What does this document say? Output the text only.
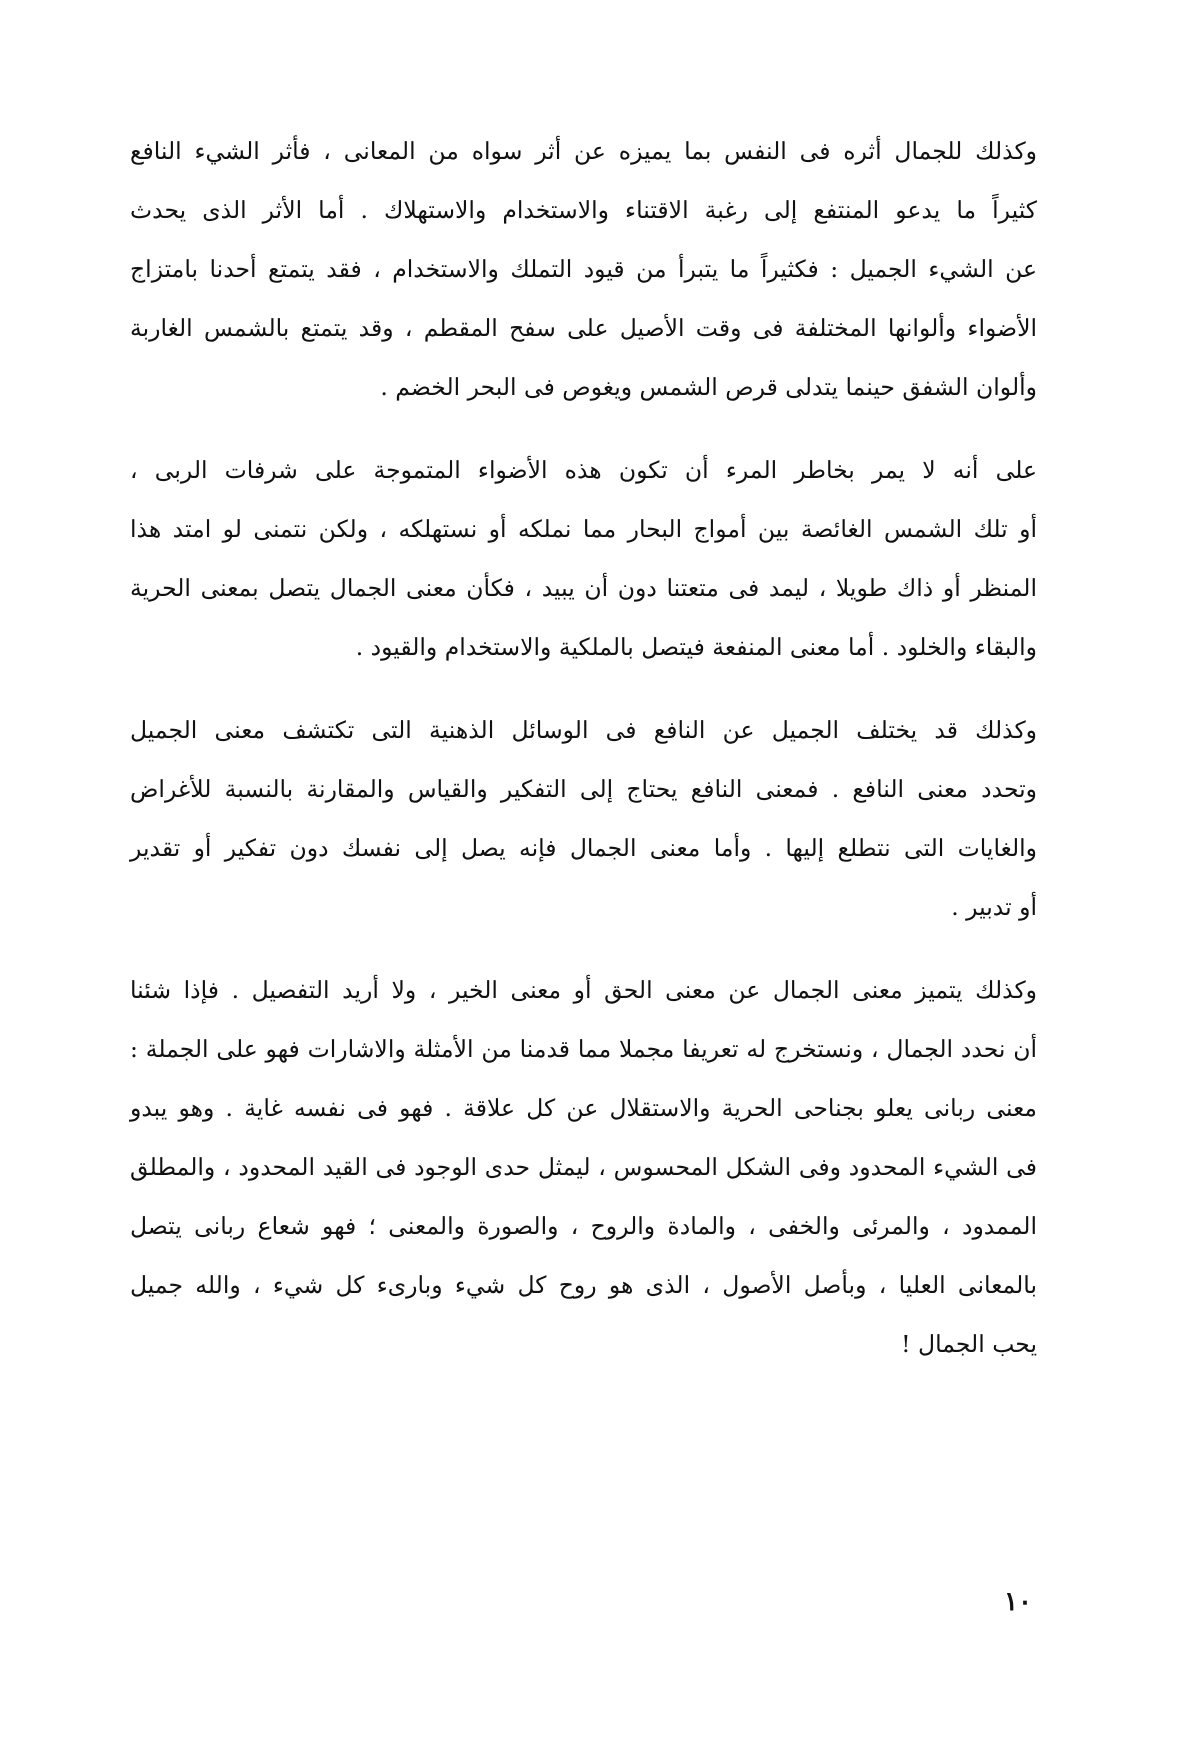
وكذلك للجمال أثره فى النفس بما يميزه عن أثر سواه من المعانى ، فأثر الشيء النافع
كثيراً ما يدعو المنتفع إلى رغبة الاقتناء والاستخدام والاستهلاك . أما الأثر الذى يحدث
عن الشيء الجميل : فكثيراً ما يتبرأ من قيود التملك والاستخدام ، فقد يتمتع أحدنا بامتزاج
الأضواء وألوانها المختلفة فى وقت الأصيل على سفح المقطم ، وقد يتمتع بالشمس الغاربة
وألوان الشفق حينما يتدلى قرص الشمس ويغوص فى البحر الخضم .

على أنه لا يمر بخاطر المرء أن تكون هذه الأضواء المتموجة على شرفات الربى ،
أو تلك الشمس الغائصة بين أمواج البحار مما نملكه أو نستهلكه ، ولكن نتمنى لو امتد هذا
المنظر أو ذاك طويلا ، ليمد فى متعتنا دون أن يبيد ، فكأن معنى الجمال يتصل بمعنى الحرية
والبقاء والخلود . أما معنى المنفعة فيتصل بالملكية والاستخدام والقيود .

وكذلك قد يختلف الجميل عن النافع فى الوسائل الذهنية التى تكتشف معنى الجميل
وتحدد معنى النافع . فمعنى النافع يحتاج إلى التفكير والقياس والمقارنة بالنسبة للأغراض
والغايات التى نتطلع إليها . وأما معنى الجمال فإنه يصل إلى نفسك دون تفكير أو تقدير
أو تدبير .

وكذلك يتميز معنى الجمال عن معنى الحق أو معنى الخير ، ولا أريد التفصيل . فإذا شئنا
أن نحدد الجمال ، ونستخرج له تعريفا مجملا مما قدمنا من الأمثلة والاشارات فهو على الجملة :
معنى ربانى يعلو بجناحى الحرية والاستقلال عن كل علاقة . فهو فى نفسه غاية . وهو يبدو
فى الشيء المحدود وفى الشكل المحسوس ، ليمثل حدى الوجود فى القيد المحدود ، والمطلق
الممدود ، والمرئى والخفى ، والمادة والروح ، والصورة والمعنى ؛ فهو شعاع ربانى يتصل
بالمعانى العليا ، وبأصل الأصول ، الذى هو روح كل شيء وبارىء كل شيء ، والله جميل
يحب الجمال !

١٠
